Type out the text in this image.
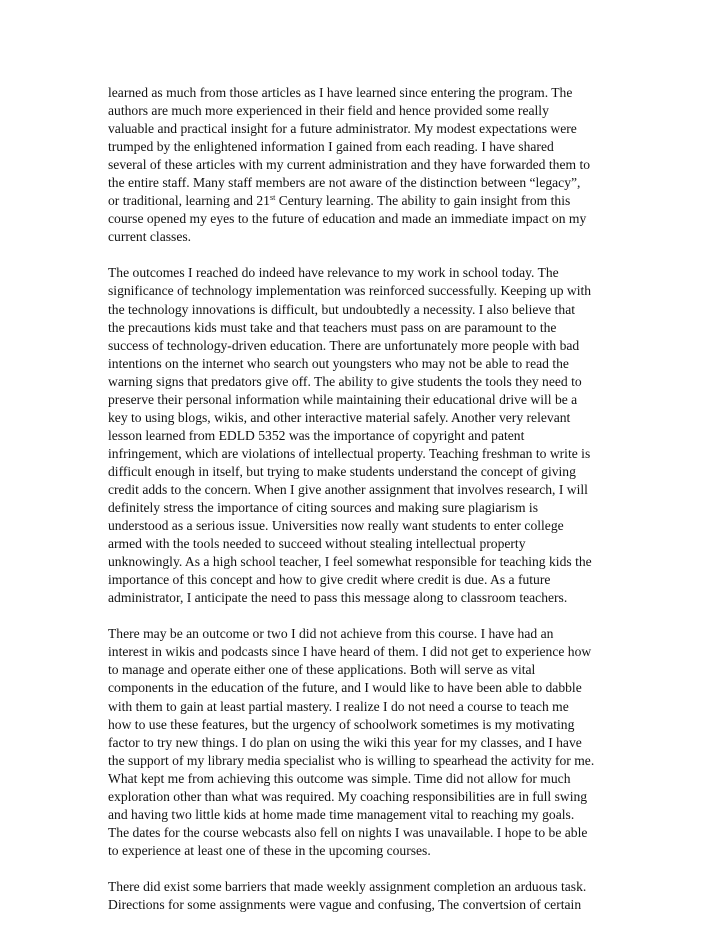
learned as much from those articles as I have learned since entering the program. The
authors are much more experienced in their field and hence provided some really
valuable and practical insight for a future administrator. My modest expectations were
trumped by the enlightened information I gained from each reading. I have shared
several of these articles with my current administration and they have forwarded them to
the entire staff. Many staff members are not aware of the distinction between “legacy”,
or traditional, learning and 21st Century learning. The ability to gain insight from this
course opened my eyes to the future of education and made an immediate impact on my
current classes.
The outcomes I reached do indeed have relevance to my work in school today. The
significance of technology implementation was reinforced successfully. Keeping up with
the technology innovations is difficult, but undoubtedly a necessity. I also believe that
the precautions kids must take and that teachers must pass on are paramount to the
success of technology-driven education. There are unfortunately more people with bad
intentions on the internet who search out youngsters who may not be able to read the
warning signs that predators give off. The ability to give students the tools they need to
preserve their personal information while maintaining their educational drive will be a
key to using blogs, wikis, and other interactive material safely. Another very relevant
lesson learned from EDLD 5352 was the importance of copyright and patent
infringement, which are violations of intellectual property. Teaching freshman to write is
difficult enough in itself, but trying to make students understand the concept of giving
credit adds to the concern. When I give another assignment that involves research, I will
definitely stress the importance of citing sources and making sure plagiarism is
understood as a serious issue. Universities now really want students to enter college
armed with the tools needed to succeed without stealing intellectual property
unknowingly. As a high school teacher, I feel somewhat responsible for teaching kids the
importance of this concept and how to give credit where credit is due. As a future
administrator, I anticipate the need to pass this message along to classroom teachers.
There may be an outcome or two I did not achieve from this course. I have had an
interest in wikis and podcasts since I have heard of them. I did not get to experience how
to manage and operate either one of these applications. Both will serve as vital
components in the education of the future, and I would like to have been able to dabble
with them to gain at least partial mastery. I realize I do not need a course to teach me
how to use these features, but the urgency of schoolwork sometimes is my motivating
factor to try new things. I do plan on using the wiki this year for my classes, and I have
the support of my library media specialist who is willing to spearhead the activity for me.
What kept me from achieving this outcome was simple. Time did not allow for much
exploration other than what was required. My coaching responsibilities are in full swing
and having two little kids at home made time management vital to reaching my goals.
The dates for the course webcasts also fell on nights I was unavailable. I hope to be able
to experience at least one of these in the upcoming courses.
There did exist some barriers that made weekly assignment completion an arduous task.
Directions for some assignments were vague and confusing, The convertsion of certain
